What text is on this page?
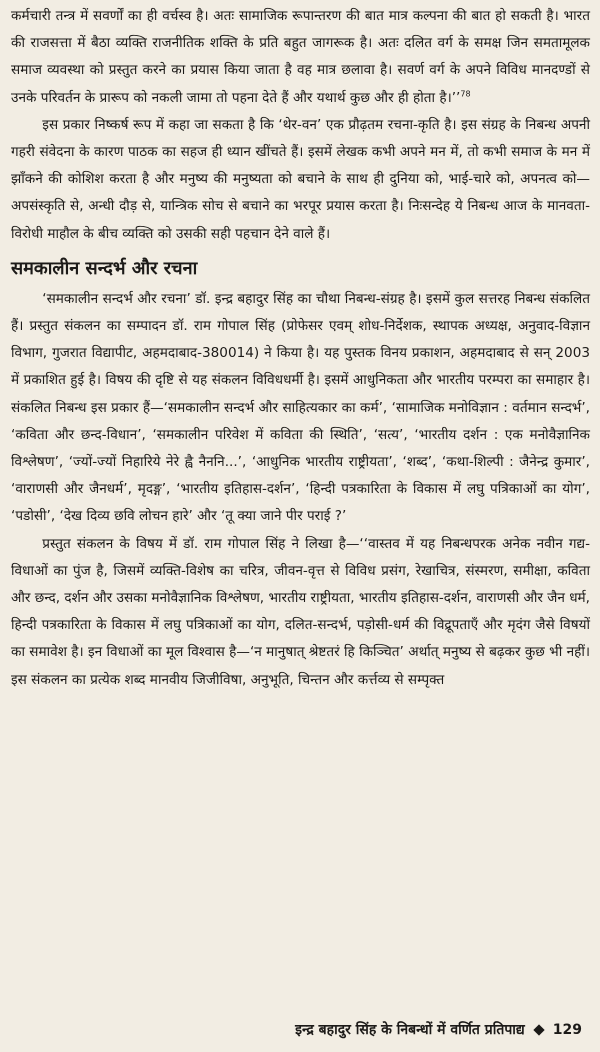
कर्मचारी तन्त्र में सवर्णों का ही वर्चस्व है। अतः सामाजिक रूपान्तरण की बात मात्र कल्पना की बात हो सकती है। भारत की राजसत्ता में बैठा व्यक्ति राजनीतिक शक्ति के प्रति बहुत जागरूक है। अतः दलित वर्ग के समक्ष जिन समतामूलक समाज व्यवस्था को प्रस्तुत करने का प्रयास किया जाता है वह मात्र छलावा है। सवर्ण वर्ग के अपने विविध मानदण्डों से उनके परिवर्तन के प्रारूप को नकली जामा तो पहना देते हैं और यथार्थ कुछ और ही होता है।’’$^{78}$

इस प्रकार निष्कर्ष रूप में कहा जा सकता है कि ‘थेर-वन’ एक प्रौढ़तम रचना-कृति है। इस संग्रह के निबन्ध अपनी गहरी संवेदना के कारण पाठक का सहज ही ध्यान खींचते हैं। इसमें लेखक कभी अपने मन में, तो कभी समाज के मन में झाँकने की कोशिश करता है और मनुष्य की मनुष्यता को बचाने के साथ ही दुनिया को, भाई-चारे को, अपनत्व को—अपसंस्कृति से, अन्धी दौड़ से, यान्त्रिक सोच से बचाने का भरपूर प्रयास करता है। निःसन्देह ये निबन्ध आज के मानवता-विरोधी माहौल के बीच व्यक्ति को उसकी सही पहचान देने वाले हैं।

समकालीन सन्दर्भ और रचना

‘समकालीन सन्दर्भ और रचना’ डॉ. इन्द्र बहादुर सिंह का चौथा निबन्ध-संग्रह है। इसमें कुल सत्तरह निबन्ध संकलित हैं। प्रस्तुत संकलन का सम्पादन डॉ. राम गोपाल सिंह (प्रोफेसर एवम् शोध-निर्देशक, स्थापक अध्यक्ष, अनुवाद-विज्ञान विभाग, गुजरात विद्यापीट, अहमदाबाद-380014) ने किया है। यह पुस्तक विनय प्रकाशन, अहमदाबाद से सन् 2003 में प्रकाशित हुई है। विषय की दृष्टि से यह संकलन विविधधर्मी है। इसमें आधुनिकता और भारतीय परम्परा का समाहार है। संकलित निबन्ध इस प्रकार हैं—‘समकालीन सन्दर्भ और साहित्यकार का कर्म’, ‘सामाजिक मनोविज्ञान : वर्तमान सन्दर्भ’, ‘कविता और छन्द-विधान’, ‘समकालीन परिवेश में कविता की स्थिति’, ‘सत्य’, ‘भारतीय दर्शन : एक मनोवैज्ञानिक विश्लेषण’, ‘ज्यों-ज्यों निहारिये नेरे ह्वै नैननि...’, ‘आधुनिक भारतीय राष्ट्रीयता’, ‘शब्द’, ‘कथा-शिल्पी : जैनेन्द्र कुमार’, ‘वाराणसी और जैनधर्म’, मृदङ्ग’, ‘भारतीय इतिहास-दर्शन’, ‘हिन्दी पत्रकारिता के विकास में लघु पत्रिकाओं का योग’, ‘पडोसी’, ‘देख दिव्य छवि लोचन हारे’ और ‘तू क्या जाने पीर पराई ?’

प्रस्तुत संकलन के विषय में डॉ. राम गोपाल सिंह ने लिखा है—‘‘वास्तव में यह निबन्धपरक अनेक नवीन गद्य-विधाओं का पुंज है, जिसमें व्यक्ति-विशेष का चरित्र, जीवन-वृत्त से विविध प्रसंग, रेखाचित्र, संस्मरण, समीक्षा, कविता और छन्द, दर्शन और उसका मनोवैज्ञानिक विश्लेषण, भारतीय राष्ट्रीयता, भारतीय इतिहास-दर्शन, वाराणसी और जैन धर्म, हिन्दी पत्रकारिता के विकास में लघु पत्रिकाओं का योग, दलित-सन्दर्भ, पड़ोसी-धर्म की विद्रूपताएँ और मृदंग जैसे विषयों का समावेश है। इन विधाओं का मूल विश्वास है—‘न मानुषात् श्रेष्टतरं हि किञ्चित’ अर्थात् मनुष्य से बढ़कर कुछ भी नहीं। इस संकलन का प्रत्येक शब्द मानवीय जिजीविषा, अनुभूति, चिन्तन और कर्त्तव्य से सम्पृक्त

इन्द्र बहादुर सिंह के निबन्धों में वर्णित प्रतिपाद्य 129
